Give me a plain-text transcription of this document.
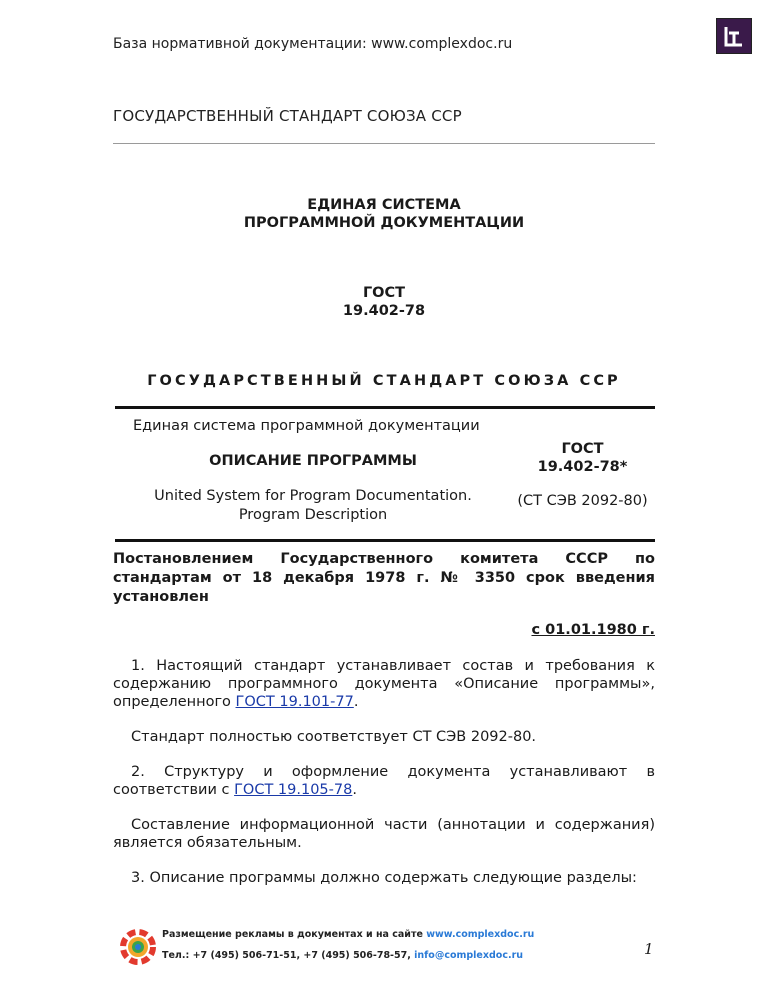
База нормативной документации: www.complexdoc.ru
ГОСУДАРСТВЕННЫЙ СТАНДАРТ СОЮЗА ССР
ЕДИНАЯ СИСТЕМА
ПРОГРАММНОЙ ДОКУМЕНТАЦИИ
ГОСТ
19.402-78
ГОСУДАРСТВЕННЫЙ СТАНДАРТ СОЮЗА ССР
Единая система программной документации
ОПИСАНИЕ ПРОГРАММЫ
United System for Program Documentation.
Program Description
ГОСТ
19.402-78*
(СТ СЭВ 2092-80)
Постановлением Государственного комитета СССР по стандартам от 18 декабря 1978 г. № 3350 срок введения установлен
с 01.01.1980 г.
1. Настоящий стандарт устанавливает состав и требования к содержанию программного документа «Описание программы», определенного ГОСТ 19.101-77.
Стандарт полностью соответствует СТ СЭВ 2092-80.
2. Структуру и оформление документа устанавливают в соответствии с ГОСТ 19.105-78.
Составление информационной части (аннотации и содержания) является обязательным.
3. Описание программы должно содержать следующие разделы:
Размещение рекламы в документах и на сайте www.complexdoc.ru
Тел.: +7 (495) 506-71-51, +7 (495) 506-78-57, info@complexdoc.ru	1
